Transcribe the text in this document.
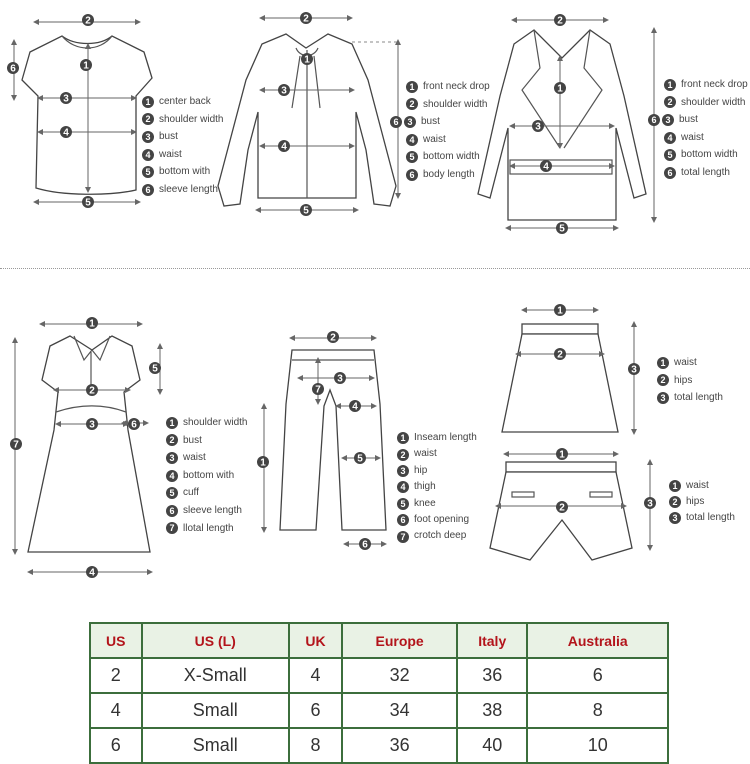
2
1
3
4
5
6
2
1
3
4
5
2
1
3
4
5
1
2
3
4
5
6
7
2
3
4
5
6
1
7
1
2
3
1
2	3
1 center back
2 shoulder width
3 bust
4 waist
5 bottom with
6 sleeve length
1 front neck drop
2 shoulder width
6 3 bust
4 waist
5 bottom width
6 body length
1 front neck drop
2 shoulder width
6 3 bust
4 waist
5 bottom width
6 total length
1 shoulder width
2 bust
3 waist
4 bottom with
5 cuff
6 sleeve length
7 llotal length
1 Inseam length
2 waist
3 hip
4 thigh
5 knee
6 foot opening
7 crotch deep
1 waist
2 hips
3 total length
1 waist
2 hips
3 total length
US	US (L)	UK	Europe	Italy	Australia
2	X-Small	4	32	36	6
4	Small	6	34	38	8
6	Small	8	36	40	10
